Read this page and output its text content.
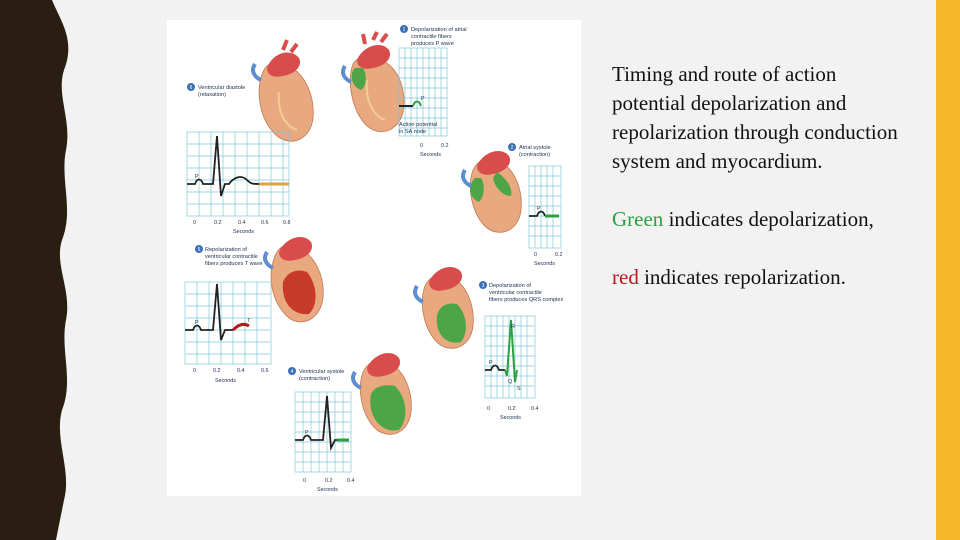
1 Depolarization of atrial
contractile fibers
produces P wave
P
Action potential
in SA node
0	0.2
Seconds
6 Ventricular diastole
(relaxation)
P
0	0.2	0.4	0.6	0.8
Seconds
2 Atrial systole
(contraction)
P
0	0.2
Seconds
5 Repolarization of
ventricular contractile
fibers produces T wave
T
P
0	0.2	0.4	0.6
Seconds
3 Depolarization of
ventricular contractile
fibers produces QRS complex
P
R
Q
S
0	0.2	0.4
Seconds
4 Ventricular systole
(contraction)
P
0	0.2	0.4
Seconds

Timing and route of action potential depolarization and repolarization through conduction system and myocardium.

Green indicates depolarization,

red indicates repolarization.
